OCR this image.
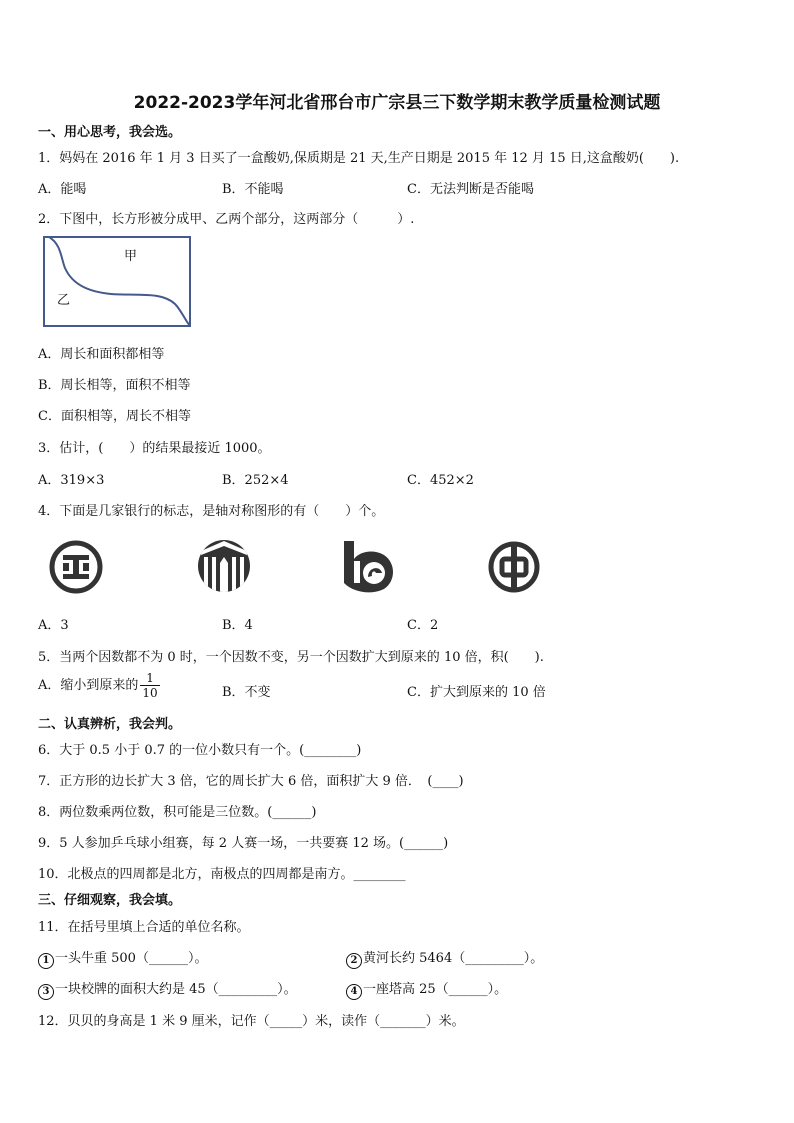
2022-2023学年河北省邢台市广宗县三下数学期末教学质量检测试题
一、用心思考，我会选。
1．妈妈在 2016 年 1 月 3 日买了一盒酸奶,保质期是 21 天,生产日期是 2015 年 12 月 15 日,这盒酸奶(　　).
A．能喝	B．不能喝	C．无法判断是否能喝
2．下图中，长方形被分成甲、乙两个部分，这两部分（　　　）.
甲
乙
A．周长和面积都相等
B．周长相等，面积不相等
C．面积相等，周长不相等
3．估计，(　　）的结果最接近 1000。
A．319×3	B．252×4	C．452×2
4．下面是几家银行的标志，是轴对称图形的有（　　）个。
A．3	B．4	C．2
5．当两个因数都不为 0 时，一个因数不变，另一个因数扩大到原来的 10 倍，积(　　).
A．缩小到原来的 $\frac{1}{10}$	B．不变	C．扩大到原来的 10 倍
二、认真辨析，我会判。
6．大于 0.5 小于 0.7 的一位小数只有一个。(________)
7．正方形的边长扩大 3 倍，它的周长扩大 6 倍，面积扩大 9 倍．　(____)
8．两位数乘两位数，积可能是三位数。(______)
9．5 人参加乒乓球小组赛，每 2 人赛一场，一共要赛 12 场。(______)
10．北极点的四周都是北方，南极点的四周都是南方。________
三、仔细观察，我会填。
11．在括号里填上合适的单位名称。
1 一头牛重 500（______）。	2 黄河长约 5464（_________）。
3 一块校牌的面积大约是 45（_________）。	4 一座塔高 25（______）。
12．贝贝的身高是 1 米 9 厘米，记作（_____）米，读作（_______）米。
